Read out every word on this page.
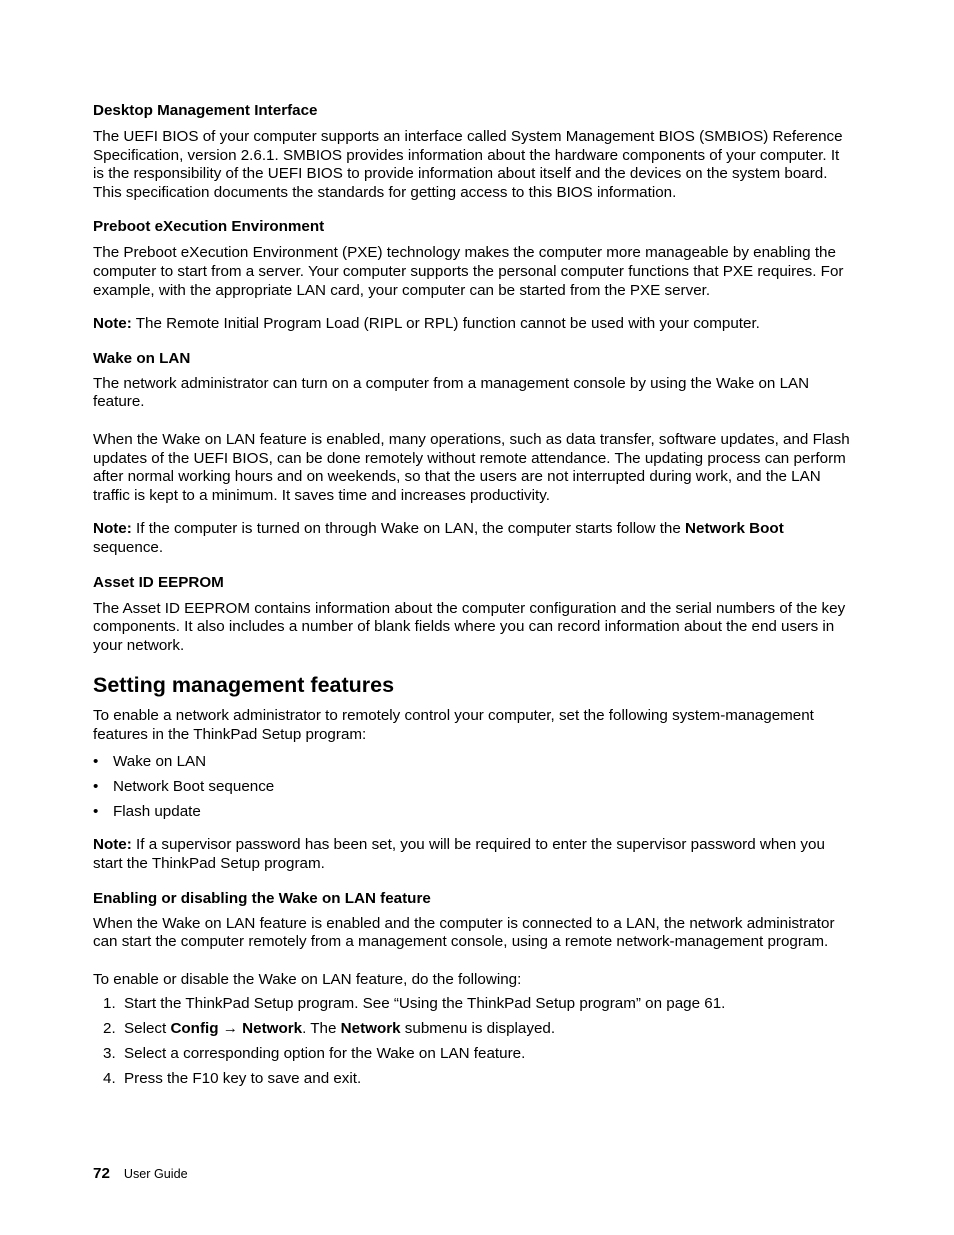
Desktop Management Interface

The UEFI BIOS of your computer supports an interface called System Management BIOS (SMBIOS) Reference Specification, version 2.6.1. SMBIOS provides information about the hardware components of your computer. It is the responsibility of the UEFI BIOS to provide information about itself and the devices on the system board. This specification documents the standards for getting access to this BIOS information.

Preboot eXecution Environment

The Preboot eXecution Environment (PXE) technology makes the computer more manageable by enabling the computer to start from a server. Your computer supports the personal computer functions that PXE requires. For example, with the appropriate LAN card, your computer can be started from the PXE server.

Note: The Remote Initial Program Load (RIPL or RPL) function cannot be used with your computer.

Wake on LAN

The network administrator can turn on a computer from a management console by using the Wake on LAN feature.

When the Wake on LAN feature is enabled, many operations, such as data transfer, software updates, and Flash updates of the UEFI BIOS, can be done remotely without remote attendance. The updating process can perform after normal working hours and on weekends, so that the users are not interrupted during work, and the LAN traffic is kept to a minimum. It saves time and increases productivity.

Note: If the computer is turned on through Wake on LAN, the computer starts follow the Network Boot sequence.

Asset ID EEPROM

The Asset ID EEPROM contains information about the computer configuration and the serial numbers of the key components. It also includes a number of blank fields where you can record information about the end users in your network.

Setting management features

To enable a network administrator to remotely control your computer, set the following system-management features in the ThinkPad Setup program:

• Wake on LAN
• Network Boot sequence
• Flash update

Note: If a supervisor password has been set, you will be required to enter the supervisor password when you start the ThinkPad Setup program.

Enabling or disabling the Wake on LAN feature

When the Wake on LAN feature is enabled and the computer is connected to a LAN, the network administrator can start the computer remotely from a management console, using a remote network-management program.

To enable or disable the Wake on LAN feature, do the following:

1. Start the ThinkPad Setup program. See “Using the ThinkPad Setup program” on page 61.
2. Select Config → Network. The Network submenu is displayed.
3. Select a corresponding option for the Wake on LAN feature.
4. Press the F10 key to save and exit.
72 User Guide
